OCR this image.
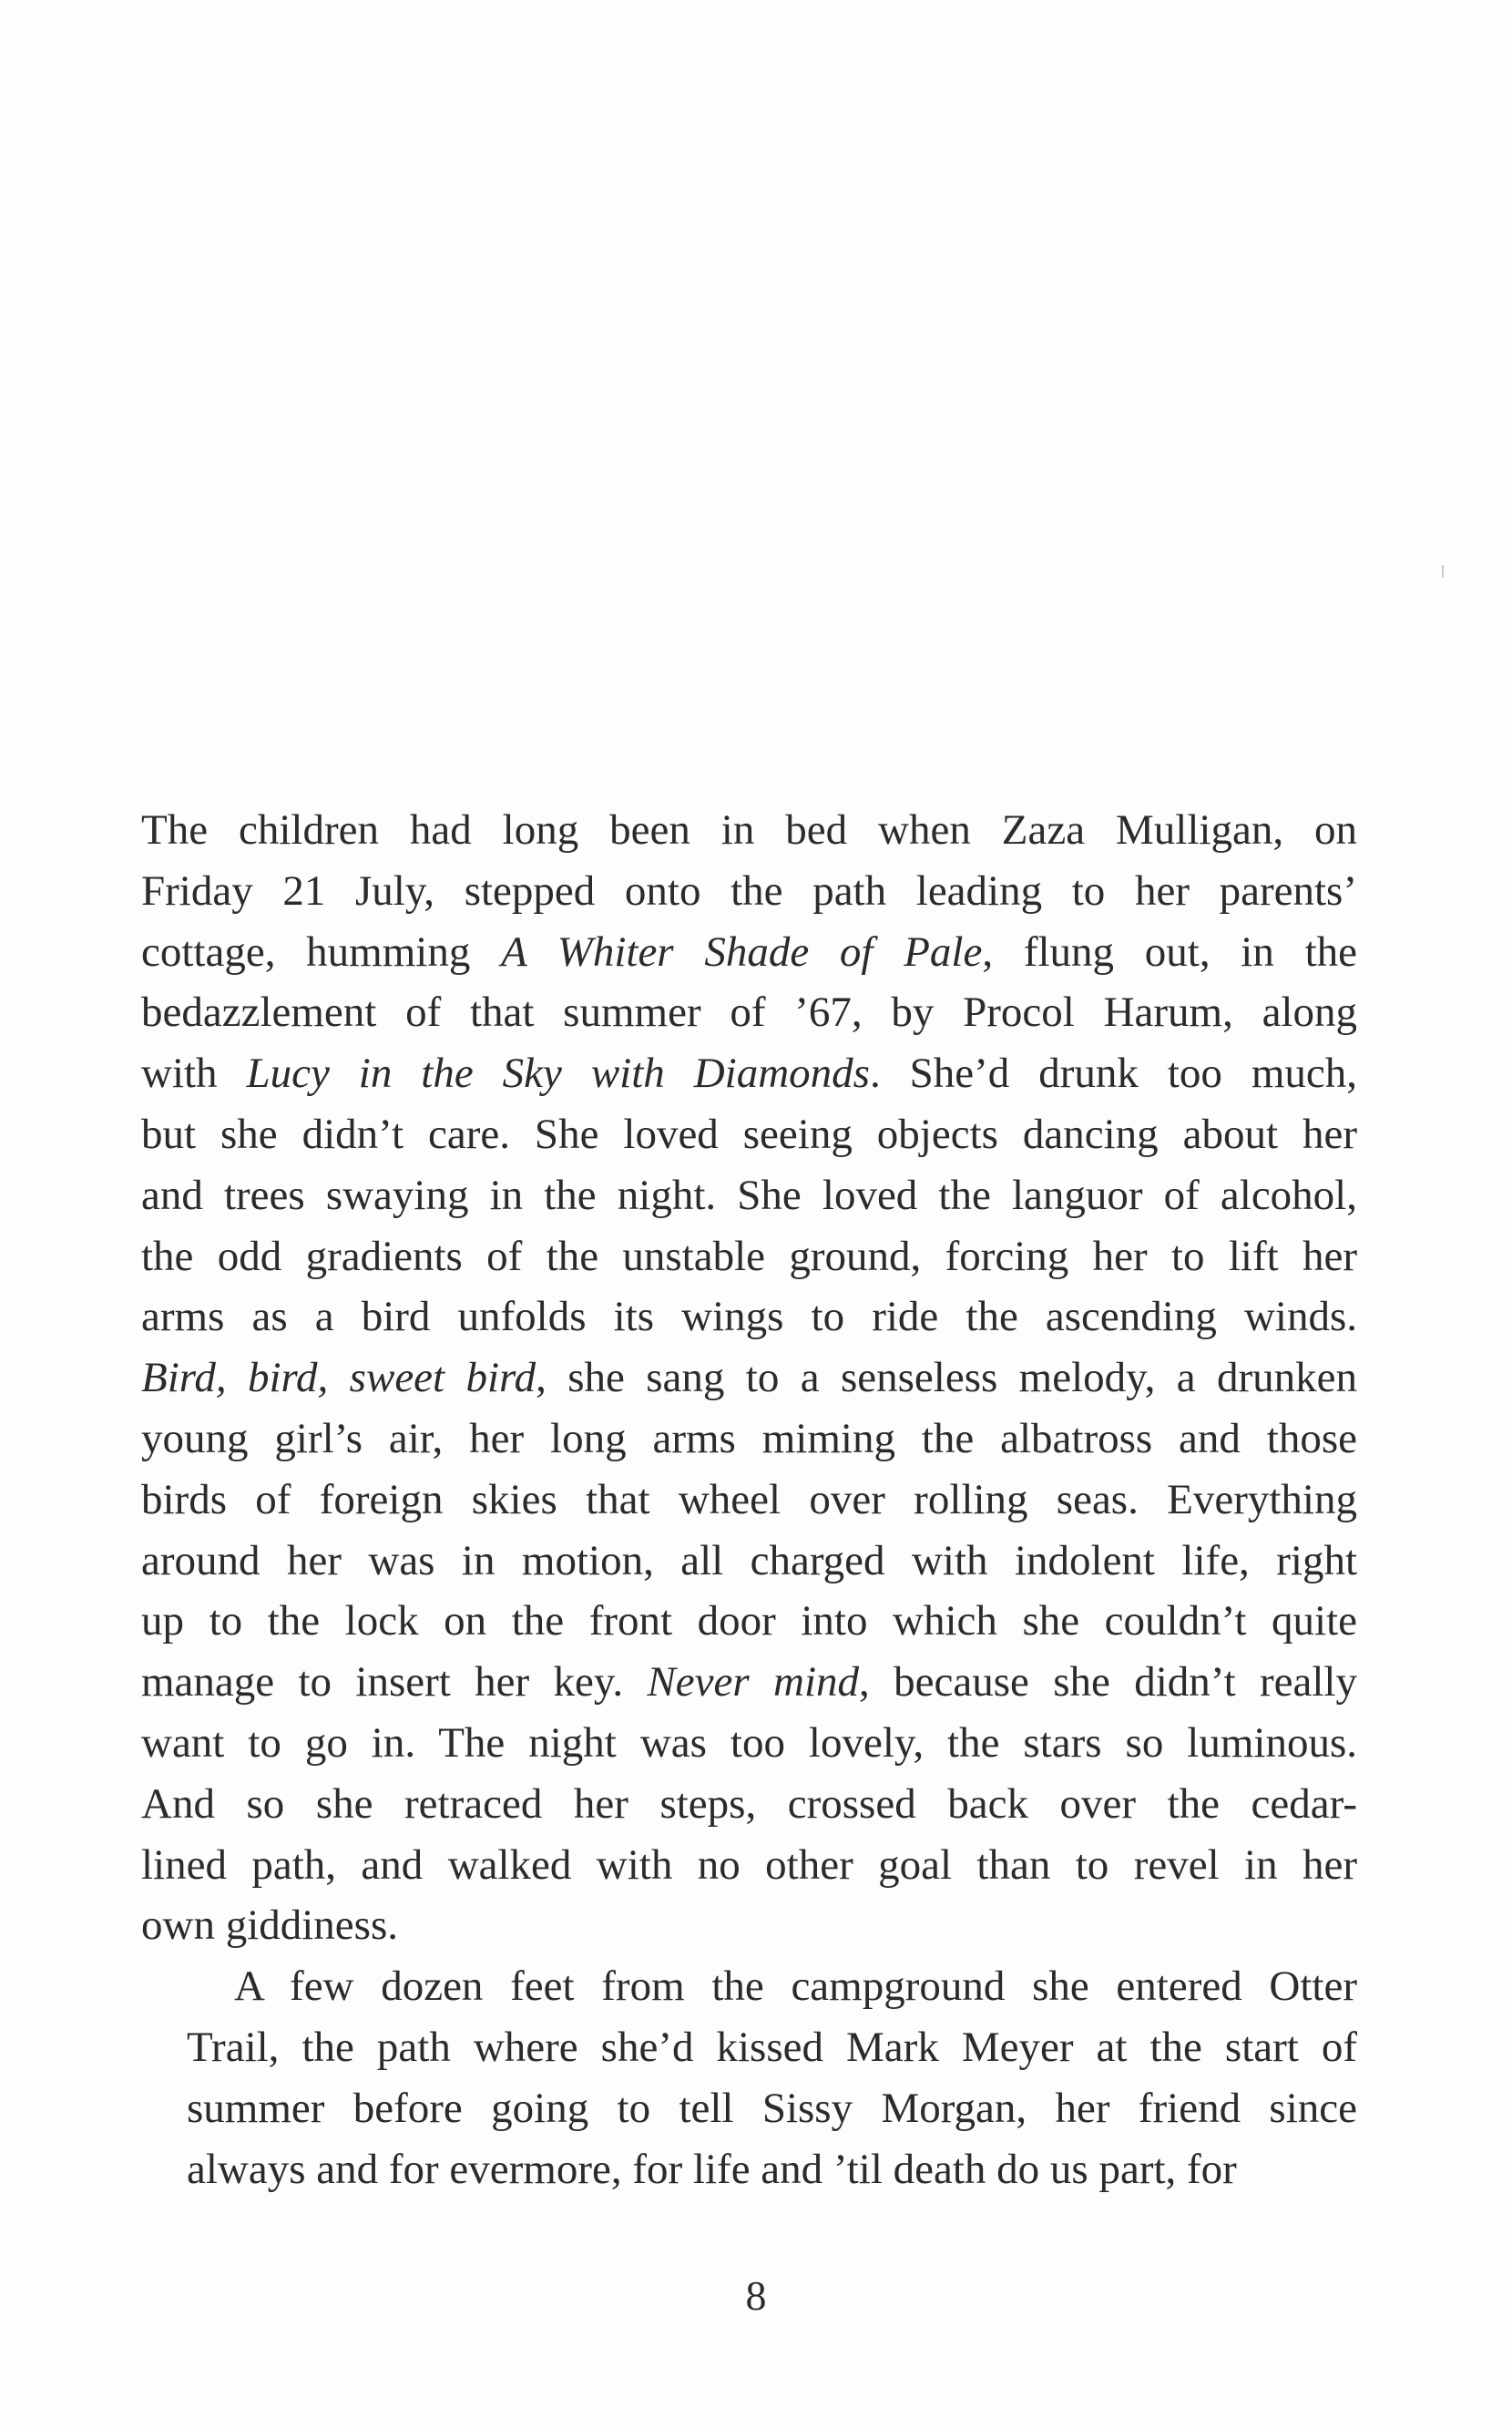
The children had long been in bed when Zaza Mulligan, on
Friday 21 July, stepped onto the path leading to her parents’
cottage, humming A Whiter Shade of Pale, flung out, in the
bedazzlement of that summer of ’67, by Procol Harum, along
with Lucy in the Sky with Diamonds. She’d drunk too much,
but she didn’t care. She loved seeing objects dancing about her
and trees swaying in the night. She loved the languor of alcohol,
the odd gradients of the unstable ground, forcing her to lift her
arms as a bird unfolds its wings to ride the ascending winds.
Bird, bird, sweet bird, she sang to a senseless melody, a drunken
young girl’s air, her long arms miming the albatross and those
birds of foreign skies that wheel over rolling seas. Everything
around her was in motion, all charged with indolent life, right
up to the lock on the front door into which she couldn’t quite
manage to insert her key. Never mind, because she didn’t really
want to go in. The night was too lovely, the stars so luminous.
And so she retraced her steps, crossed back over the cedar-
lined path, and walked with no other goal than to revel in her
own giddiness.
A few dozen feet from the campground she entered Otter
Trail, the path where she’d kissed Mark Meyer at the start of
summer before going to tell Sissy Morgan, her friend since
always and for evermore, for life and ’til death do us part, for
8
